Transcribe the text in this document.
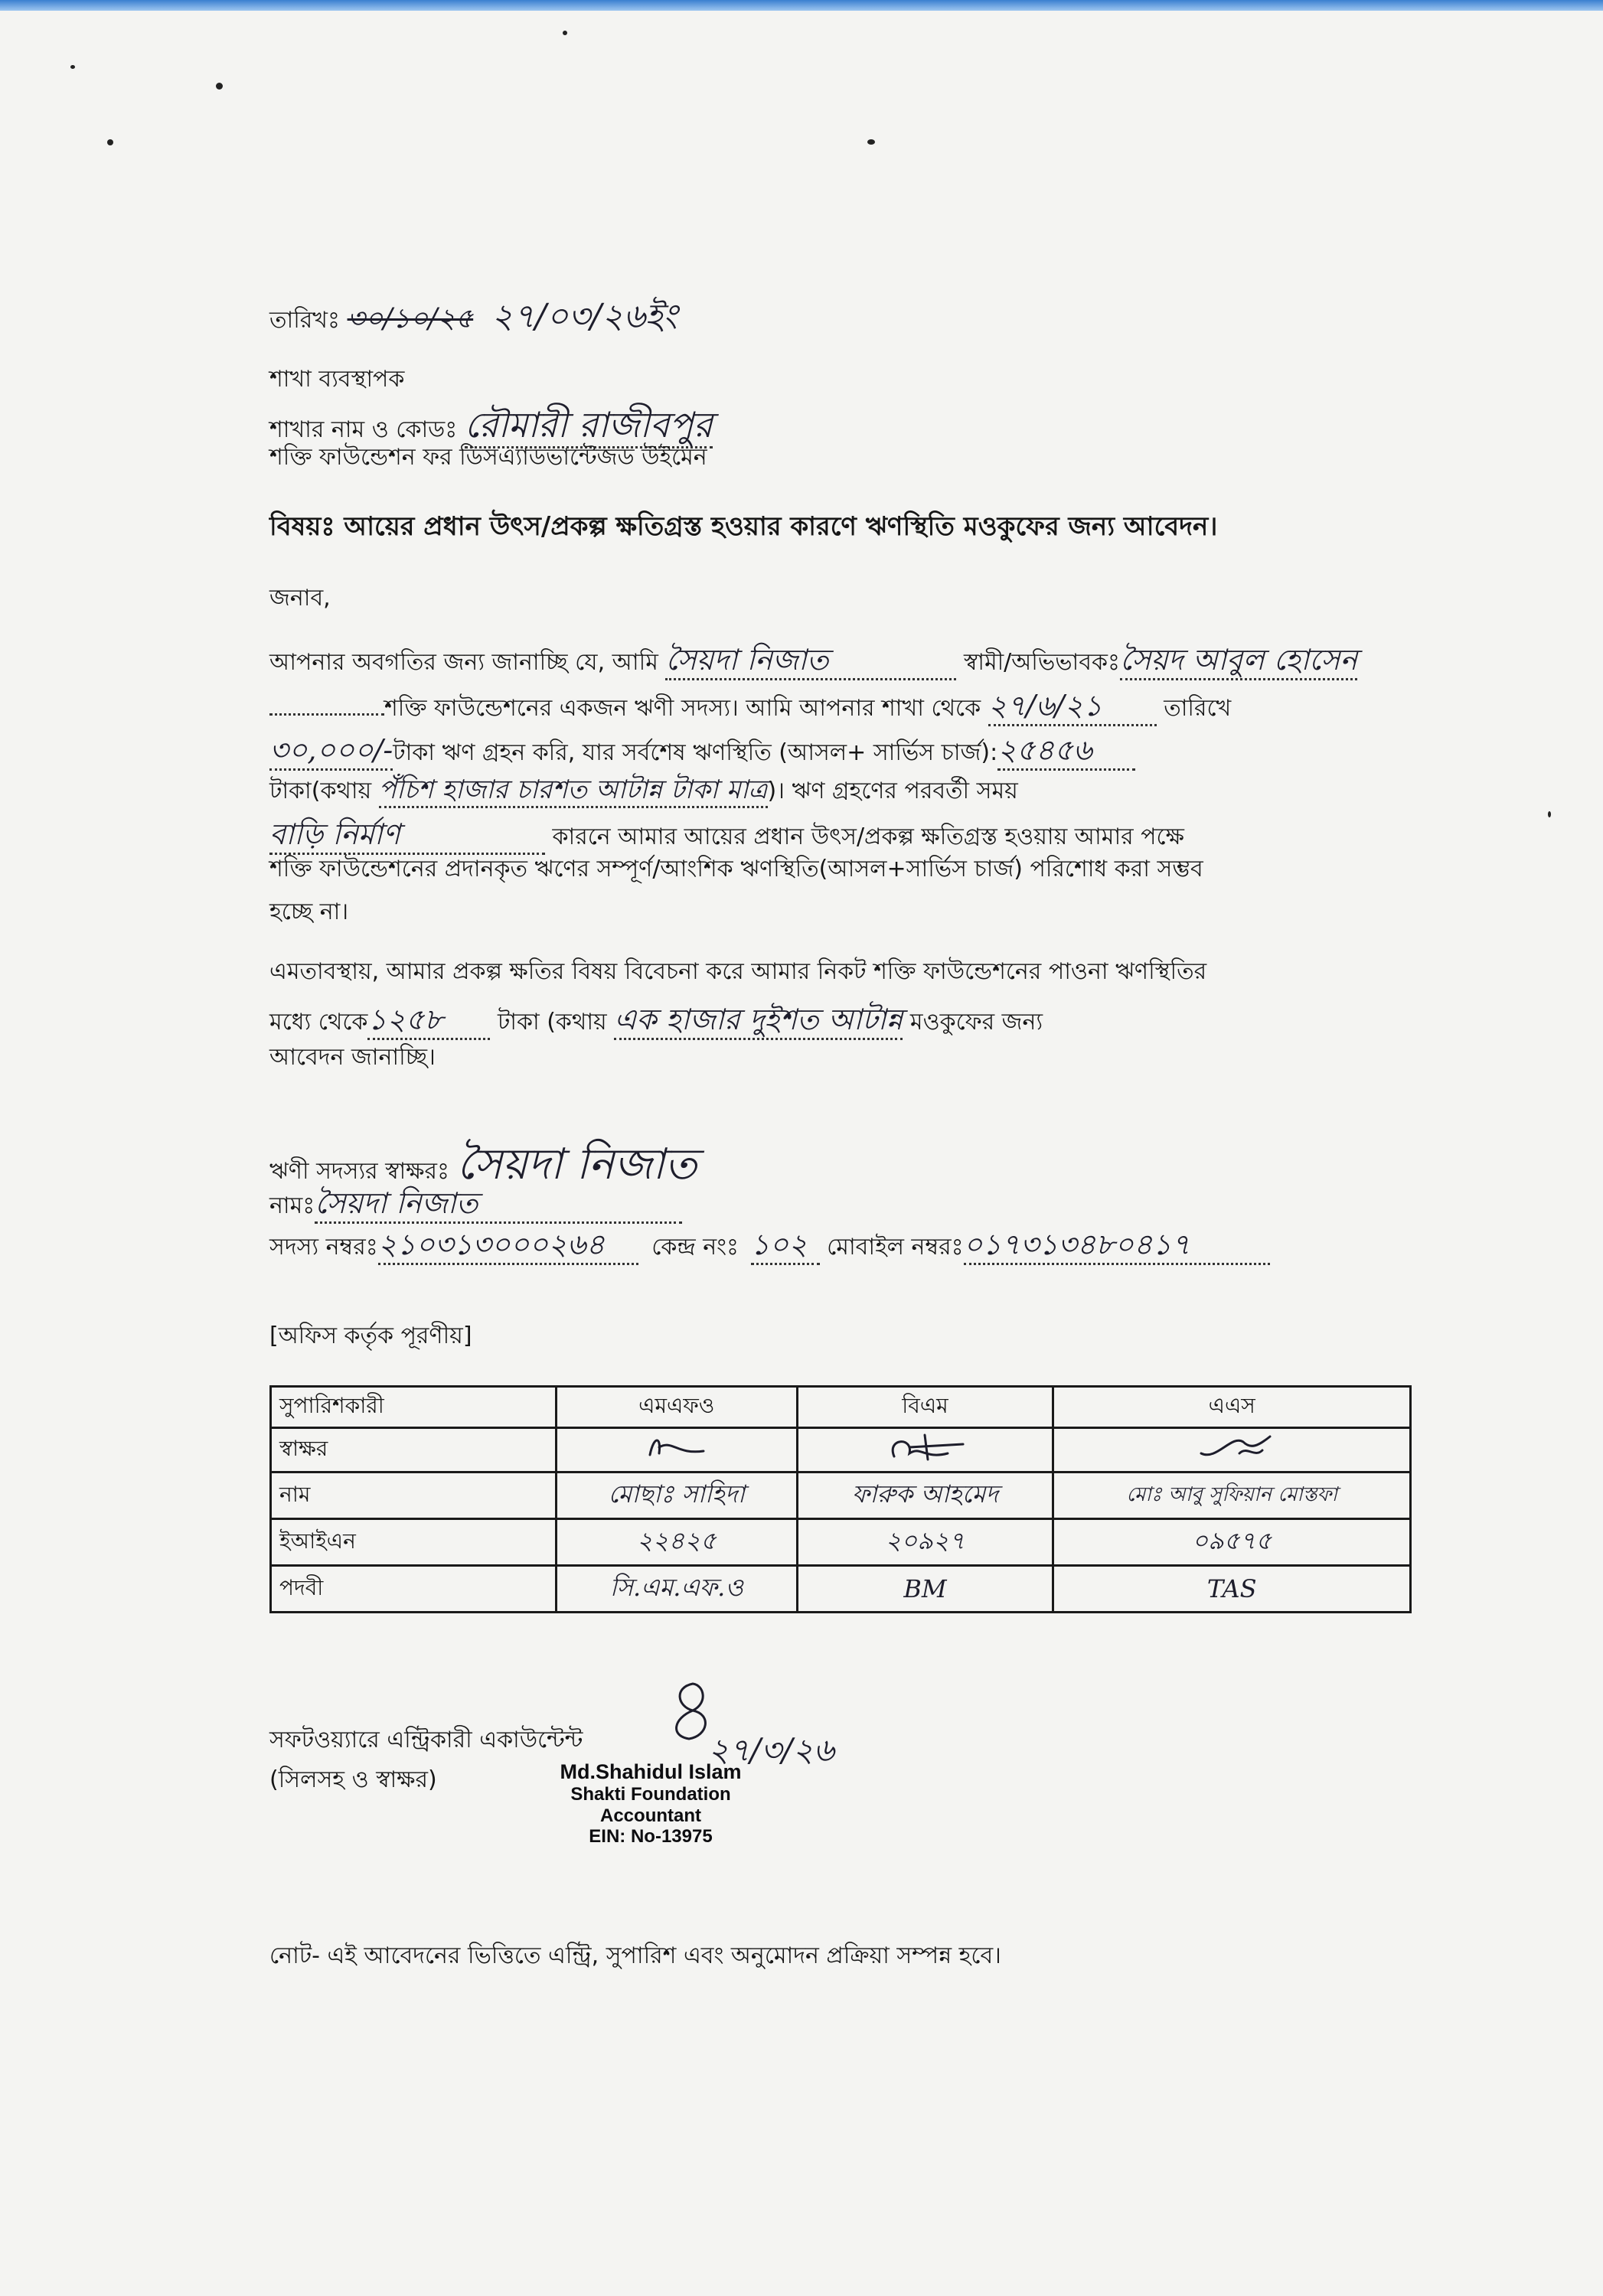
তারিখঃ ৩০/১০/২৫ ২৭/০৩/২৬ইং
শাখা ব্যবস্থাপক
শাখার নাম ও কোডঃ রৌমারী রাজীবপুর
শক্তি ফাউন্ডেশন ফর ডিসএ্যাডভান্টেজড উইমেন
বিষয়ঃ আয়ের প্রধান উৎস/প্রকল্প ক্ষতিগ্রস্ত হওয়ার কারণে ঋণস্থিতি মওকুফের জন্য আবেদন।
জনাব,
আপনার অবগতির জন্য জানাচ্ছি যে, আমি সৈয়দা নিজাত	স্বামী/অভিভাবকঃসৈয়দ আবুল হোসেন
শক্তি ফাউন্ডেশনের একজন ঋণী সদস্য। আমি আপনার শাখা থেকে ২৭/৬/২১	তারিখে
৩০,০০০/-টাকা ঋণ গ্রহন করি, যার সর্বশেষ ঋণস্থিতি (আসল+ সার্ভিস চার্জ):২৫৪৫৬
টাকা(কথায় পঁচিশ হাজার চারশত আটান্ন টাকা মাত্র)। ঋণ গ্রহণের পরবর্তী সময়
বাড়ি নির্মাণ	কারনে আমার আয়ের প্রধান উৎস/প্রকল্প ক্ষতিগ্রস্ত হওয়ায় আমার পক্ষে
শক্তি ফাউন্ডেশনের প্রদানকৃত ঋণের সম্পূর্ণ/আংশিক ঋণস্থিতি(আসল+সার্ভিস চার্জ) পরিশোধ করা সম্ভব
হচ্ছে না।
এমতাবস্থায়, আমার প্রকল্প ক্ষতির বিষয় বিবেচনা করে আমার নিকট শক্তি ফাউন্ডেশনের পাওনা ঋণস্থিতির
মধ্যে থেকে১২৫৮ টাকা (কথায় এক হাজার দুইশত আটান্ন মওকুফের জন্য
আবেদন জানাচ্ছি।
ঋণী সদস্যর স্বাক্ষরঃ সৈয়দা নিজাত
নামঃসৈয়দা নিজাত
সদস্য নম্বরঃ২১০৩১৩০০০২৬৪ কেন্দ্র নং ১০২ মোবাইল নম্বরঃ০১৭৩১৩৪৮০৪১৭
[অফিস কর্তৃক পূরণীয়]
সুপারিশকারী	এমএফও	বিএম	এএস
স্বাক্ষর			
নাম	মোছাঃ সাহিদা	ফারুক আহমেদ	মোঃ আবু সুফিয়ান মোস্তফা
ইআইএন	২২৪২৫	২০৯২৭	০৯৫৭৫
পদবী	সি.এম.এফ.ও	BM	TAS
সফটওয়্যারে এন্ট্রিকারী একাউন্টেন্ট
(সিলসহ ও স্বাক্ষর)
২৭/৩/২৬
Md.Shahidul Islam
Shakti Foundation
Accountant
EIN: No-13975
নোট- এই আবেদনের ভিত্তিতে এন্ট্রি, সুপারিশ এবং অনুমোদন প্রক্রিয়া সম্পন্ন হবে।
